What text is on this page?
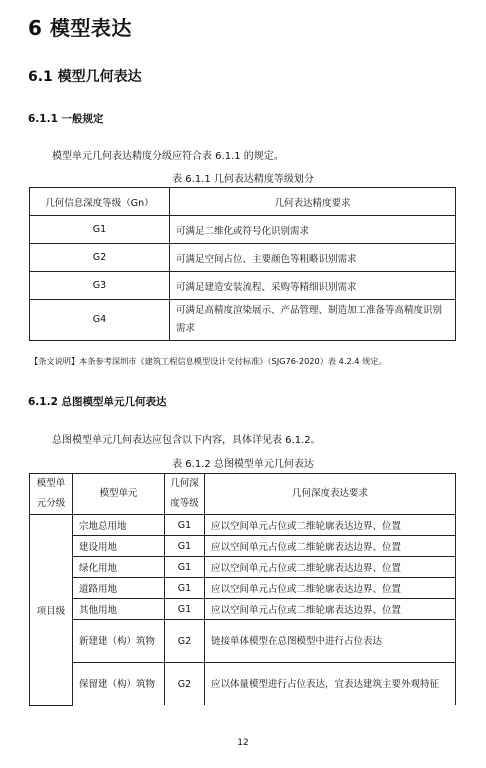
6 模型表达
6.1 模型几何表达
6.1.1 一般规定
模型单元几何表达精度分级应符合表 6.1.1 的规定。
表 6.1.1 几何表达精度等级划分
几何信息深度等级（Gn）	几何表达精度要求
G1	可满足二维化或符号化识别需求
G2	可满足空间占位、主要颜色等粗略识别需求
G3	可满足建造安装流程、采购等精细识别需求
G4	可满足高精度渲染展示、产品管理、制造加工准备等高精度识别需求
【条文说明】本条参考深圳市《建筑工程信息模型设计交付标准》（SJG76-2020）表 4.2.4 规定。
6.1.2 总图模型单元几何表达
总图模型单元几何表达应包含以下内容，具体详见表 6.1.2。
表 6.1.2 总图模型单元几何表达
模型单元分级	模型单元	几何深度等级	几何深度表达要求
项目级	宗地总用地	G1	应以空间单元占位或二维轮廓表达边界、位置
	建设用地	G1	应以空间单元占位或二维轮廓表达边界、位置
	绿化用地	G1	应以空间单元占位或二维轮廓表达边界、位置
	道路用地	G1	应以空间单元占位或二维轮廓表达边界、位置
	其他用地	G1	应以空间单元占位或二维轮廓表达边界、位置
	新建建（构）筑物	G2	链接单体模型在总图模型中进行占位表达
	保留建（构）筑物	G2	应以体量模型进行占位表达，宜表达建筑主要外观特征
12
